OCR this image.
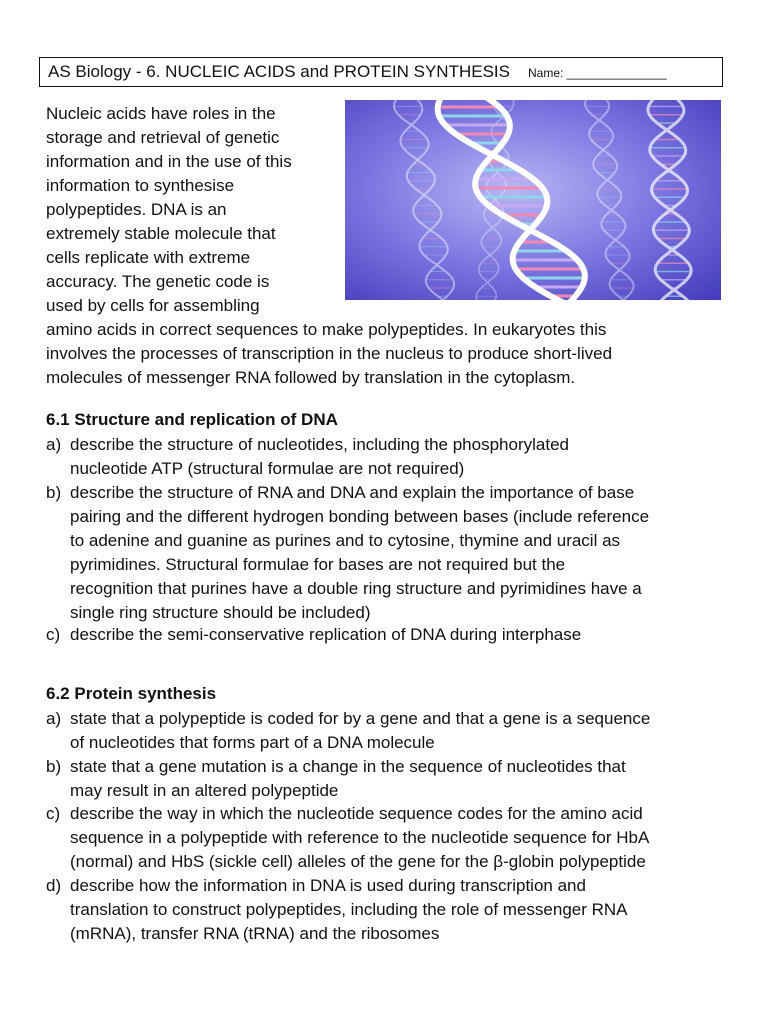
AS Biology - 6. NUCLEIC ACIDS and PROTEIN SYNTHESIS Name: _______________
Nucleic acids have roles in the
storage and retrieval of genetic
information and in the use of this
information to synthesise
polypeptides. DNA is an
extremely stable molecule that
cells replicate with extreme
accuracy. The genetic code is
used by cells for assembling
amino acids in correct sequences to make polypeptides. In eukaryotes this
involves the processes of transcription in the nucleus to produce short-lived
molecules of messenger RNA followed by translation in the cytoplasm.
6.1 Structure and replication of DNA
a) describe the structure of nucleotides, including the phosphorylated
nucleotide ATP (structural formulae are not required)
b) describe the structure of RNA and DNA and explain the importance of base
pairing and the different hydrogen bonding between bases (include reference
to adenine and guanine as purines and to cytosine, thymine and uracil as
pyrimidines. Structural formulae for bases are not required but the
recognition that purines have a double ring structure and pyrimidines have a
single ring structure should be included)
c) describe the semi-conservative replication of DNA during interphase
6.2 Protein synthesis
a) state that a polypeptide is coded for by a gene and that a gene is a sequence
of nucleotides that forms part of a DNA molecule
b) state that a gene mutation is a change in the sequence of nucleotides that
may result in an altered polypeptide
c) describe the way in which the nucleotide sequence codes for the amino acid
sequence in a polypeptide with reference to the nucleotide sequence for HbA
(normal) and HbS (sickle cell) alleles of the gene for the β-globin polypeptide
d) describe how the information in DNA is used during transcription and
translation to construct polypeptides, including the role of messenger RNA
(mRNA), transfer RNA (tRNA) and the ribosomes
